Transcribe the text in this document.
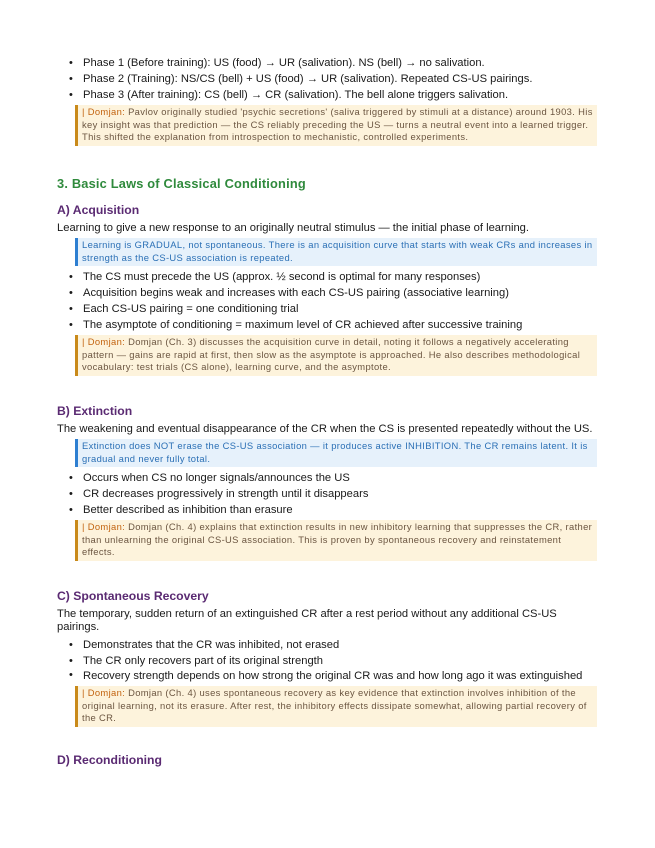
• Phase 1 (Before training): US (food) → UR (salivation). NS (bell) → no salivation.
• Phase 2 (Training): NS/CS (bell) + US (food) → UR (salivation). Repeated CS-US pairings.
• Phase 3 (After training): CS (bell) → CR (salivation). The bell alone triggers salivation.
| Domjan: Pavlov originally studied 'psychic secretions' (saliva triggered by stimuli at a distance) around 1903. His key insight was that prediction — the CS reliably preceding the US — turns a neutral event into a learned trigger. This shifted the explanation from introspection to mechanistic, controlled experiments.
3. Basic Laws of Classical Conditioning
A) Acquisition

Learning to give a new response to an originally neutral stimulus — the initial phase of learning.

Learning is GRADUAL, not spontaneous. There is an acquisition curve that starts with weak CRs and increases in strength as the CS-US association is repeated.
• The CS must precede the US (approx. ½ second is optimal for many responses)
• Acquisition begins weak and increases with each CS-US pairing (associative learning)
• Each CS-US pairing = one conditioning trial
• The asymptote of conditioning = maximum level of CR achieved after successive training
| Domjan: Domjan (Ch. 3) discusses the acquisition curve in detail, noting it follows a negatively accelerating pattern — gains are rapid at first, then slow as the asymptote is approached. He also describes methodological vocabulary: test trials (CS alone), learning curve, and the asymptote.
B) Extinction

The weakening and eventual disappearance of the CR when the CS is presented repeatedly without the US.

Extinction does NOT erase the CS-US association — it produces active INHIBITION. The CR remains latent. It is gradual and never fully total.
• Occurs when CS no longer signals/announces the US
• CR decreases progressively in strength until it disappears
• Better described as inhibition than erasure
| Domjan: Domjan (Ch. 4) explains that extinction results in new inhibitory learning that suppresses the CR, rather than unlearning the original CS-US association. This is proven by spontaneous recovery and reinstatement effects.
C) Spontaneous Recovery

The temporary, sudden return of an extinguished CR after a rest period without any additional CS-US pairings.

• Demonstrates that the CR was inhibited, not erased
• The CR only recovers part of its original strength
• Recovery strength depends on how strong the original CR was and how long ago it was extinguished
| Domjan: Domjan (Ch. 4) uses spontaneous recovery as key evidence that extinction involves inhibition of the original learning, not its erasure. After rest, the inhibitory effects dissipate somewhat, allowing partial recovery of the CR.
D) Reconditioning
